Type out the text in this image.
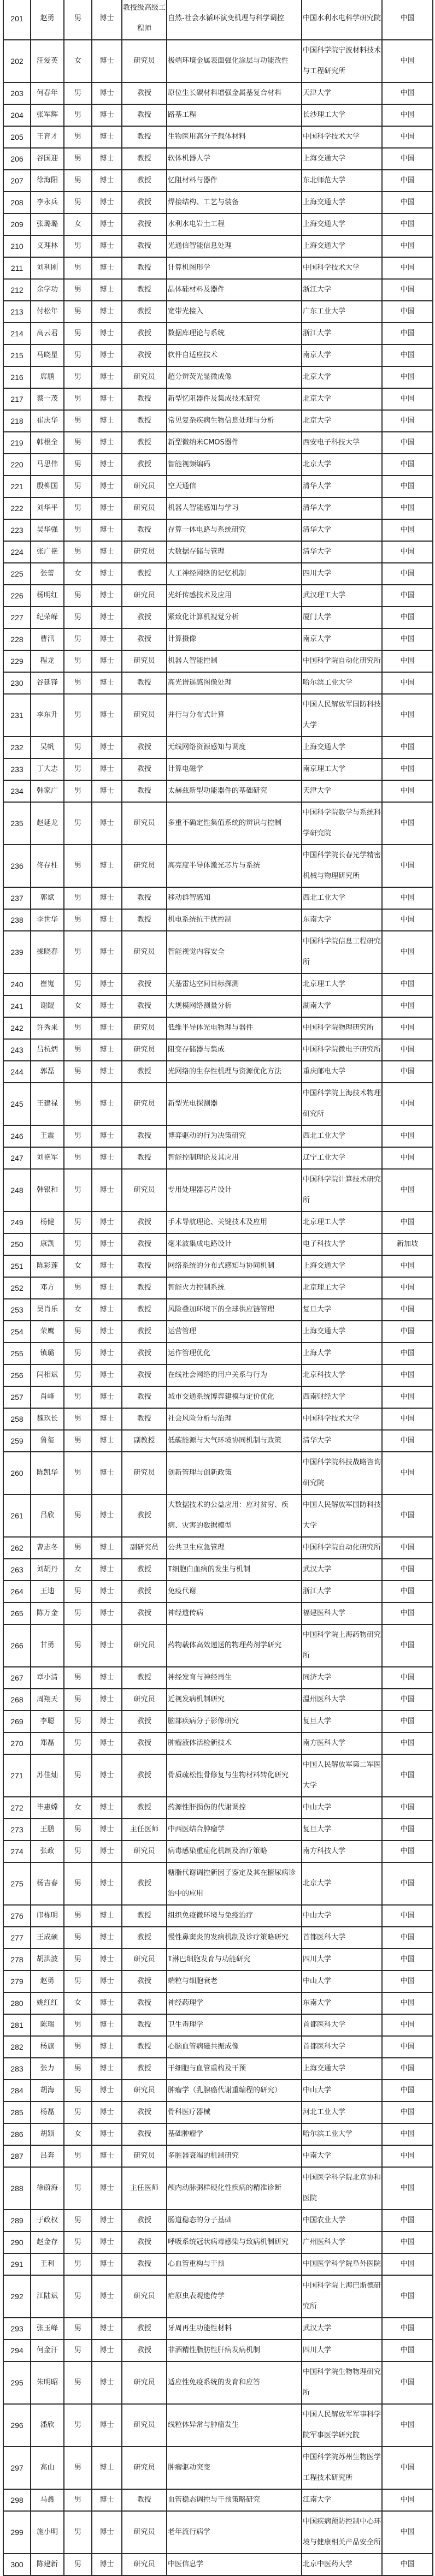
201	赵勇	男	博士	教授级高级工程师	自然-社会水循环演变机理与科学调控	中国水利水电科学研究院	中国
202	汪爱英	女	博士	研究员	极端环境金属表面强化涂层与功能改性	中国科学院宁波材料技术与工程研究所	中国
203	何春年	男	博士	教授	原位生长碳材料增强金属基复合材料	天津大学	中国
204	张军辉	男	博士	教授	路基工程	长沙理工大学	中国
205	王育才	男	博士	教授	生物医用高分子载体材料	中国科学技术大学	中国
206	谷国迎	男	博士	教授	软体机器人学	上海交通大学	中国
207	徐海阳	男	博士	教授	忆阻材料与器件	东北师范大学	中国
208	李永兵	男	博士	教授	焊接结构、工艺与装备	上海交通大学	中国
209	张璐璐	女	博士	教授	水利水电岩土工程	上海交通大学	中国
210	义理林	男	博士	教授	光通信智能信息处理	上海交通大学	中国
211	刘利刚	男	博士	教授	计算机图形学	中国科学技术大学	中国
212	余学功	男	博士	教授	晶体硅材料及器件	浙江大学	中国
213	付松年	男	博士	教授	宽带光接入	广东工业大学	中国
214	高云君	男	博士	教授	数据库理论与系统	浙江大学	中国
215	马晓星	男	博士	教授	软件自适应技术	南京大学	中国
216	席鹏	男	博士	研究员	超分辨荧光显微成像	北京大学	中国
217	蔡一茂	男	博士	教授	新型忆阻器件及集成技术研究	北京大学	中国
218	崔庆华	男	博士	教授	常见复杂疾病生物信息处理与分析	北京大学	中国
219	韩根全	男	博士	教授	新型微纳米CMOS器件	西安电子科技大学	中国
220	马思伟	男	博士	教授	智能视频编码	北京大学	中国
221	殷柳国	男	博士	研究员	空天通信	清华大学	中国
222	刘华平	男	博士	研究员	机器人智能感知与学习	清华大学	中国
223	吴华强	男	博士	教授	存算一体电路与系统研究	清华大学	中国
224	张广艳	男	博士	研究员	大数据存储与管理	清华大学	中国
225	张蕾	女	博士	教授	人工神经网络的记忆机制	四川大学	中国
226	杨明红	男	博士	研究员	光纤传感技术及应用	武汉理工大学	中国
227	纪荣嵘	男	博士	教授	紧致化计算机视觉分析	厦门大学	中国
228	曹汛	男	博士	教授	计算摄像	南京大学	中国
229	程龙	男	博士	研究员	机器人智能控制	中国科学院自动化研究所	中国
230	谷延锋	男	博士	教授	高光谱遥感图像处理	哈尔滨工业大学	中国
231	李东升	男	博士	研究员	并行与分布式计算	中国人民解放军国防科技大学	中国
232	吴帆	男	博士	教授	无线网络资源感知与调度	上海交通大学	中国
233	丁大志	男	博士	教授	计算电磁学	南京理工大学	中国
234	韩家广	男	博士	教授	太赫兹新型功能器件的基础研究	天津大学	中国
235	赵延龙	男	博士	研究员	多重不确定性集值系统的辨识与控制	中国科学院数学与系统科学研究院	中国
236	佟存柱	男	博士	研究员	高亮度半导体激光芯片与系统	中国科学院长春光学精密机械与物理研究所	中国
237	郭斌	男	博士	教授	移动群智感知	西北工业大学	中国
238	李世华	男	博士	教授	机电系统抗干扰控制	东南大学	中国
239	操晓春	男	博士	研究员	智能视觉内容安全	中国科学院信息工程研究所	中国
240	崔嵬	男	博士	教授	天基雷达空间目标探测	北京理工大学	中国
241	谢鲲	女	博士	教授	大规模网络测量分析	湖南大学	中国
242	许秀来	男	博士	研究员	低维半导体光电物理与器件	中国科学院物理研究所	中国
243	吕杭炳	男	博士	研究员	阻变存储器与集成	中国科学院微电子研究所	中国
244	郭磊	男	博士	教授	光网络的生存性机理与资源优化方法	重庆邮电大学	中国
245	王建禄	男	博士	研究员	新型光电探测器	中国科学院上海技术物理研究所	中国
246	王震	男	博士	教授	博弈驱动的行为决策研究	西北工业大学	中国
247	刘艳军	男	博士	教授	智能控制理论及其应用	辽宁工业大学	中国
248	韩银和	男	博士	研究员	专用处理器芯片设计	中国科学院计算技术研究所	中国
249	杨健	男	博士	教授	手术导航理论、关键技术及应用	北京理工大学	中国
250	康凯	男	博士	教授	毫米波集成电路设计	电子科技大学	新加坡
251	陈彩莲	女	博士	教授	网络系统的分布式感知与协同机制	上海交通大学	中国
252	邓方	男	博士	教授	智能火力控制系统	北京理工大学	中国
253	吴肖乐	女	博士	教授	风险叠加环境下的全球供应链管理	复旦大学	中国
254	荣鹰	男	博士	教授	运营管理	上海交通大学	中国
255	镇璐	男	博士	教授	运作管理优化	上海大学	中国
256	闫相斌	男	博士	教授	在线社会网络的用户关系与行为	北京科技大学	中国
257	肖峰	男	博士	教授	城市交通系统博弈建模与定价优化	西南财经大学	中国
258	魏玖长	男	博士	教授	社会风险分析与治理	中国科学技术大学	中国
259	鲁玺	男	博士	副教授	低碳能源与大气环境协同机制与政策	清华大学	中国
260	陈凯华	男	博士	研究员	创新管理与创新政策	中国科学院科技战略咨询研究院	中国
261	吕欣	男	博士	教授	大数据技术的公益应用：应对贫穷、疾病、灾害的数据模型	中国人民解放军国防科技大学	中国
262	曹志冬	男	博士	副研究员	公共卫生应急管理	中国科学院自动化研究所	中国
263	刘胡丹	女	博士	教授	T细胞白血病的发生与机制	武汉大学	中国
264	王迪	男	博士	教授	免疫代谢	浙江大学	中国
265	陈万金	男	博士	教授	神经遗传病	福建医科大学	中国
266	甘勇	男	博士	研究员	药物载体高效递送的物理药剂学研究	中国科学院上海药物研究所	中国
267	章小清	男	博士	教授	神经发育与神经再生	同济大学	中国
268	周翔天	男	博士	研究员	近视发病机制研究	温州医科大学	中国
269	李聪	男	博士	教授	脑部疾病分子影像研究	复旦大学	中国
270	郑磊	男	博士	教授	肿瘤液体活检新技术	南方医科大学	中国
271	苏佳灿	男	博士	教授	骨质疏松性骨修复与生物材料转化研究	中国人民解放军第二军医大学	中国
272	毕惠嫦	女	博士	教授	药源性肝损伤的代谢调控	中山大学	中国
273	王鹏	男	博士	主任医师	中西医结合肿瘤学	复旦大学	中国
274	张政	男	博士	研究员	病毒感染重症化机制及治疗策略	南方科技大学	中国
275	杨吉春	男	博士	教授	糖脂代谢调控新因子鉴定及其在糖尿病诊治中的应用	北京大学	中国
276	邝栋明	男	博士	教授	组织免疫微环境与免疫治疗	中山大学	中国
277	王成硕	男	博士	教授	慢性鼻窦炎的发病机制及诊疗策略研究	首都医科大学	中国
278	胡洪波	男	博士	研究员	T淋巴细胞发育与功能研究	四川大学	中国
279	赵勇	男	博士	教授	端粒与细胞衰老	中山大学	中国
280	姚红红	女	博士	教授	神经药理学	东南大学	中国
281	陈瑞	男	博士	教授	卫生毒理学	首都医科大学	中国
282	杨旗	男	博士	教授	心脑血管病磁共振成像	首都医科大学	中国
283	张力	男	博士	教授	干细胞与血管重构及干预	上海交通大学	中国
284	胡海	男	博士	研究员	肿瘤学（乳腺癌代谢重编程的研究）	中山大学	中国
285	杨磊	男	博士	教授	骨科医疗器械	河北工业大学	中国
286	胡颖	女	博士	教授	基础肿瘤学	哈尔滨工业大学	中国
287	吕奔	男	博士	研究员	多脏器衰竭的机制研究	中南大学	中国
288	徐蔚海	男	博士	主任医师	颅内动脉粥样硬化性疾病的精准诊断	中国医学科学院北京协和医院	中国
289	于政权	男	博士	教授	肠道稳态的分子基础	中国农业大学	中国
290	赵金存	男	博士	教授	呼吸系统冠状病毒感染与致病机制研究	广州医科大学	中国
291	王利	男	博士	教授	心血管重构与干预	中国医学科学院阜外医院	中国
292	江陆斌	男	博士	研究员	疟原虫表观遗传学	中国科学院上海巴斯德研究所	中国
293	张玉峰	男	博士	教授	牙周再生功能性材料	武汉大学	中国
294	何金汗	男	博士	教授	非酒精性脂肪性肝病发病机制	四川大学	中国
295	朱明昭	男	博士	研究员	适应性免疫系统的发育和应答	中国科学院生物物理研究所	中国
296	潘欣	男	博士	研究员	线粒体异常与肿瘤发生	中国人民解放军军事科学院军事医学研究院	中国
297	高山	男	博士	研究员	肿瘤驱动突变	中国科学院苏州生物医学工程技术研究所	中国
298	马鑫	男	博士	教授	血管稳态调控与干预策略研究	江南大学	中国
299	施小明	男	博士	研究员	老年流行病学	中国疾病预防控制中心环境与健康相关产品安全所	中国
300	陈建新	男	博士	研究员	中医信息学	北京中医药大学	中国
